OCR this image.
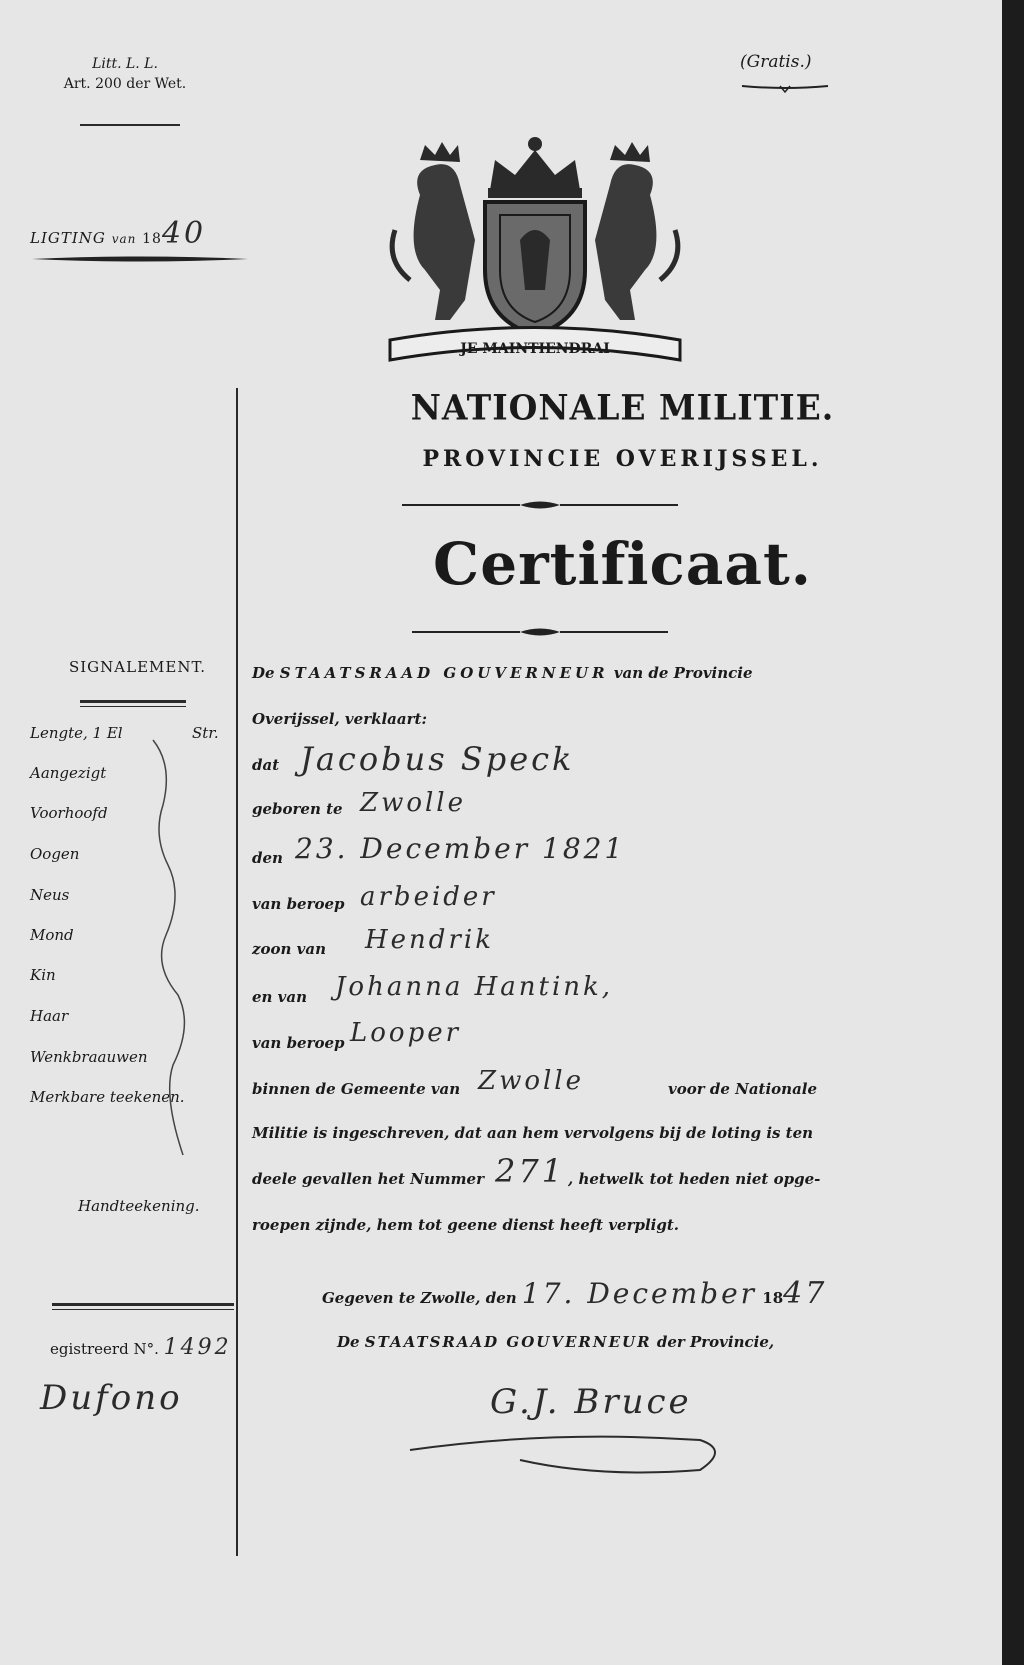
Litt. L. L.
Art. 200 der Wet.
(Gratis.)
LIGTING van 1840
JE MAINTIENDRAI
NATIONALE MILITIE.
PROVINCIE OVERIJSSEL.
Certificaat.
SIGNALEMENT.
Lengte, 1 El	Str.
Aangezigt
Voorhoofd
Oogen
Neus
Mond
Kin
Haar
Wenkbraauwen
Merkbare teekenen.
Handteekening.
egistreerd N°. 1492
Dufono
De STAATSRAAD GOUVERNEUR van de Provincie
Overijssel, verklaart:
dat Jacobus Speck
geboren te Zwolle
den 23. December 1821
van beroep arbeider
zoon van Hendrik
en van Johanna Hantink,
van beroep Looper
binnen de Gemeente van Zwolle	voor de Nationale
Militie is ingeschreven, dat aan hem vervolgens bij de loting is ten
deele gevallen het Nummer 271 , hetwelk tot heden niet opge-
roepen zijnde, hem tot geene dienst heeft verpligt.
Gegeven te Zwolle, den 17. December 1847
De STAATSRAAD GOUVERNEUR der Provincie,
G.J. Bruce
